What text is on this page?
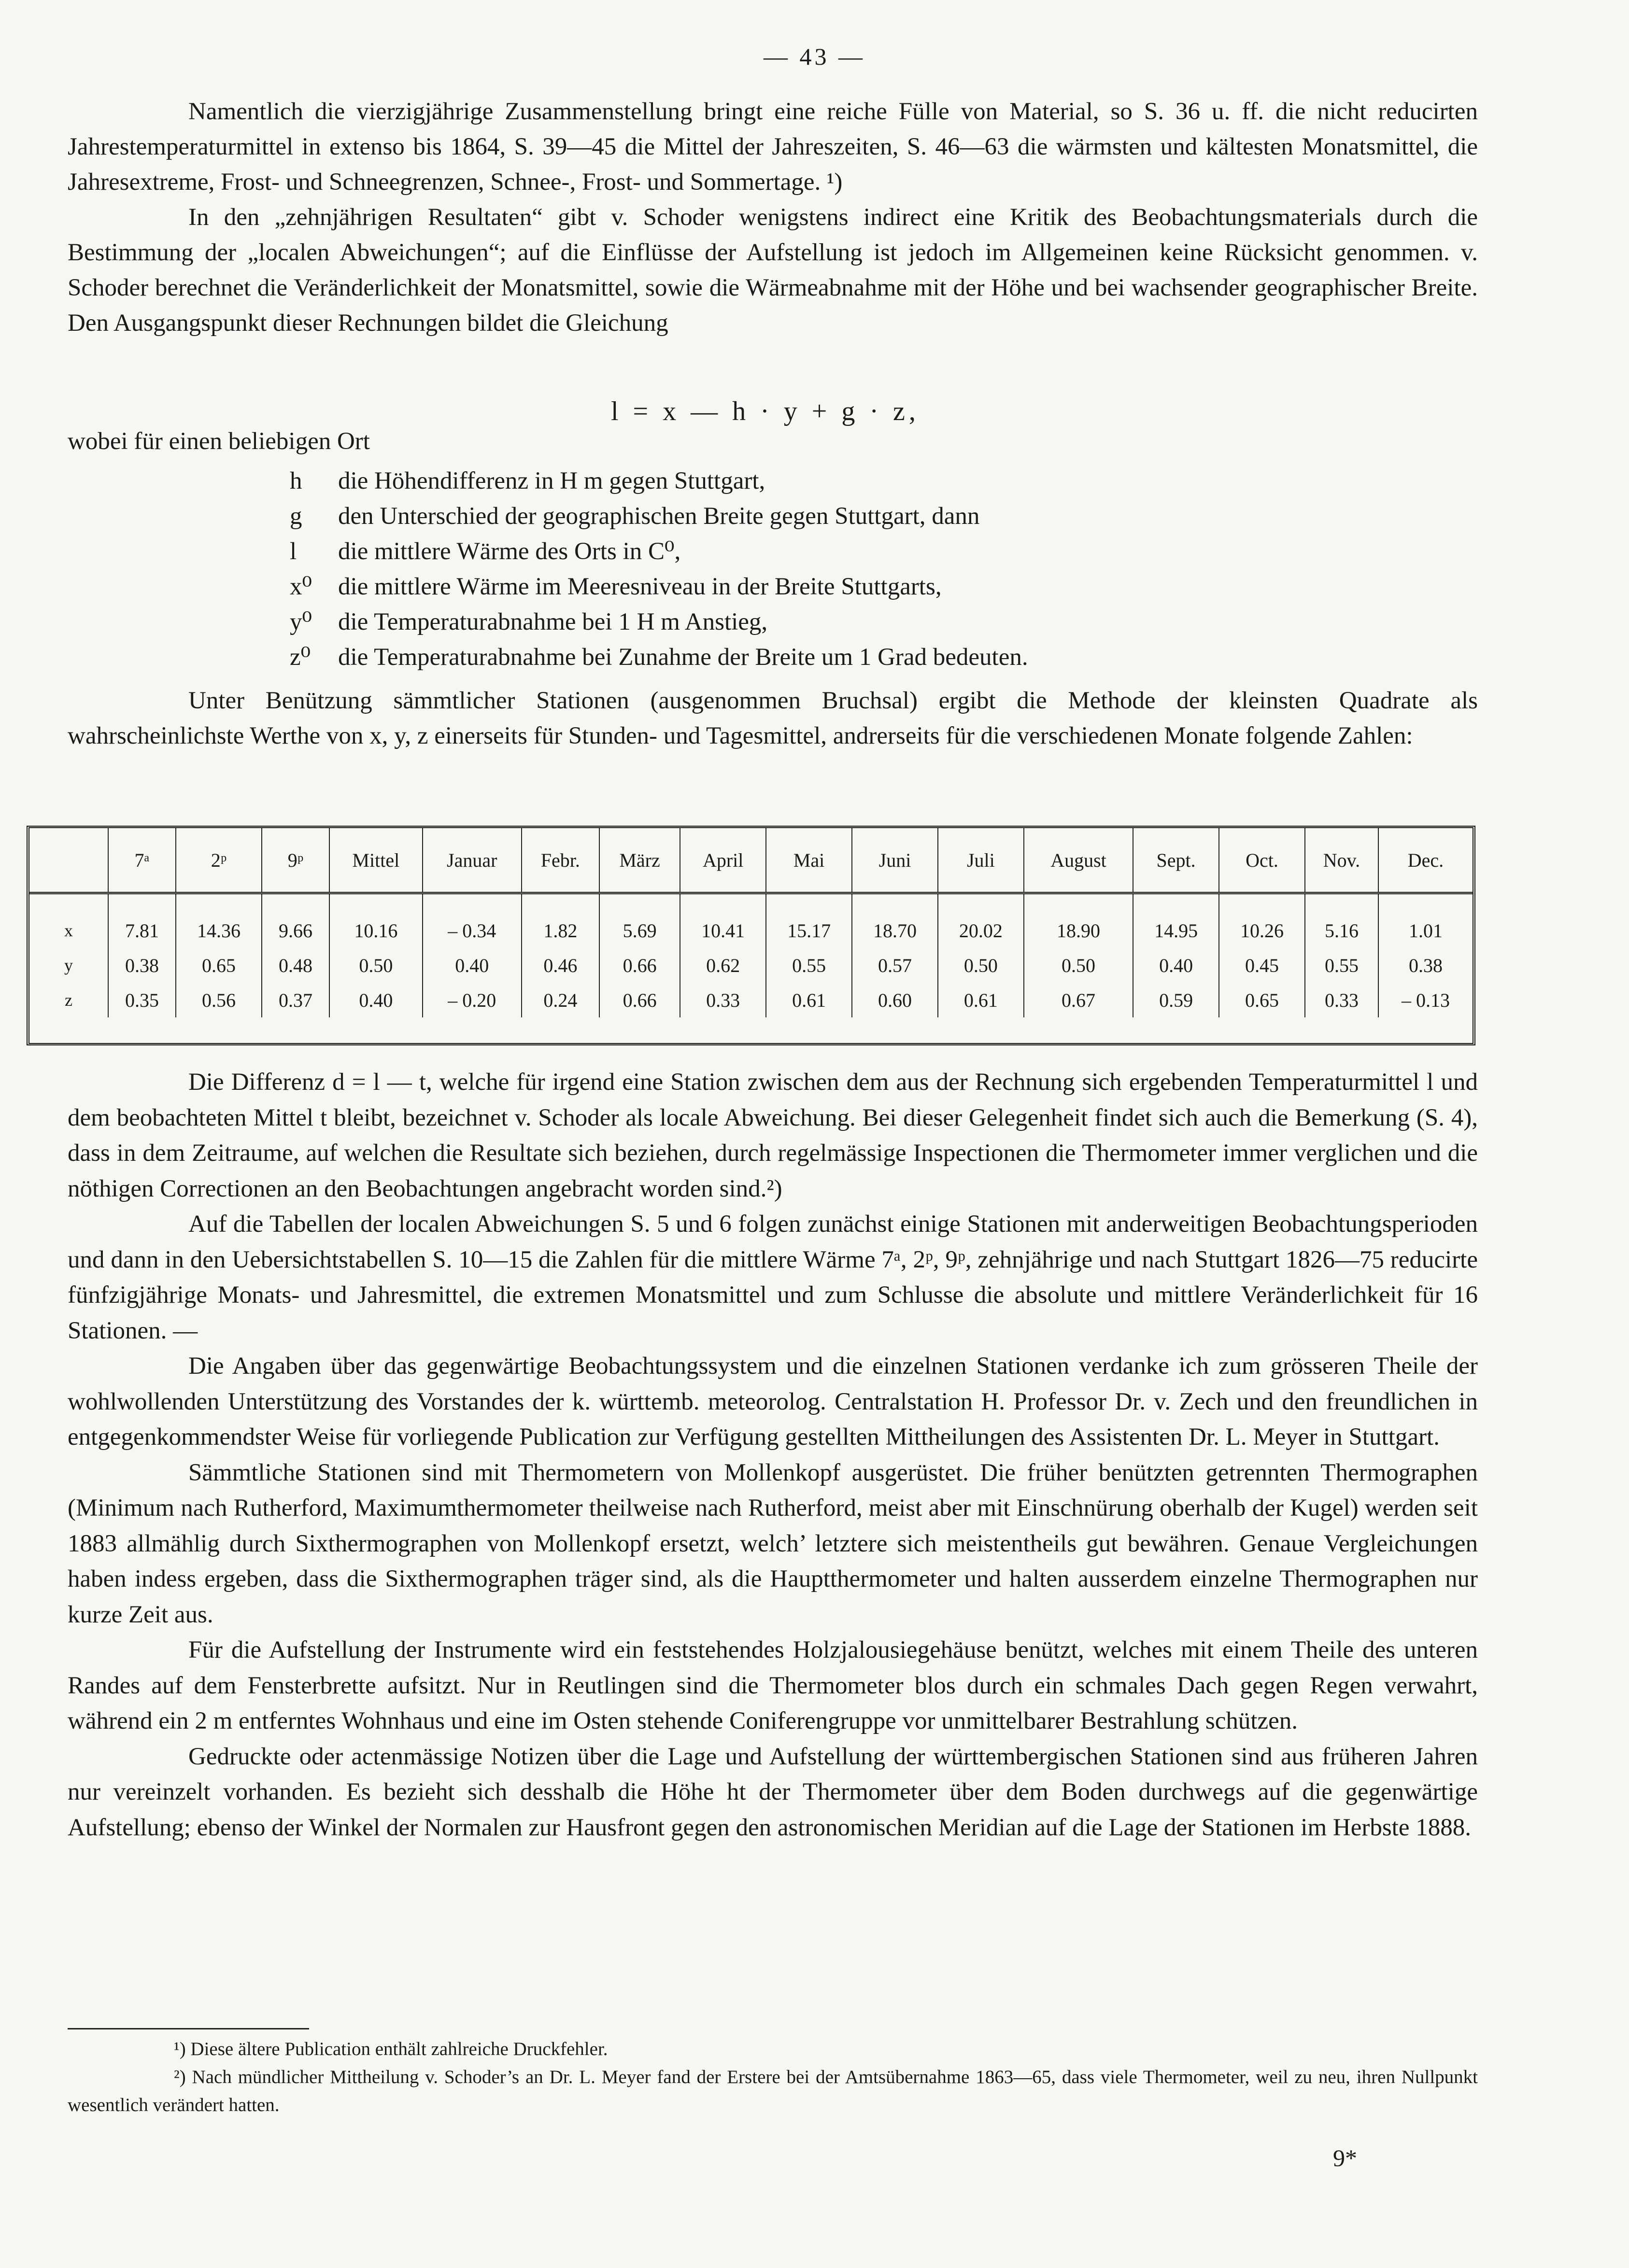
— 43 —

Namentlich die vierzigjährige Zusammenstellung bringt eine reiche Fülle von Material, so S. 36 u. ff. die nicht reducirten Jahrestemperaturmittel in extenso bis 1864, S. 39—45 die Mittel der Jahreszeiten, S. 46—63 die wärmsten und kältesten Monatsmittel, die Jahresextreme, Frost- und Schneegrenzen, Schnee-, Frost- und Sommertage. ¹)

In den „zehnjährigen Resultaten“ gibt v. Schoder wenigstens indirect eine Kritik des Beobachtungsmaterials durch die Bestimmung der „localen Abweichungen“; auf die Einflüsse der Aufstellung ist jedoch im Allgemeinen keine Rücksicht genommen. v. Schoder berechnet die Veränderlichkeit der Monatsmittel, sowie die Wärmeabnahme mit der Höhe und bei wachsender geographischer Breite. Den Ausgangspunkt dieser Rechnungen bildet die Gleichung

l = x — h · y + g · z,
wobei für einen beliebigen Ort
h	die Höhendifferenz in H m gegen Stuttgart,
g	den Unterschied der geographischen Breite gegen Stuttgart, dann
l	die mittlere Wärme des Orts in C⁰,
x⁰	die mittlere Wärme im Meeresniveau in der Breite Stuttgarts,
y⁰	die Temperaturabnahme bei 1 H m Anstieg,
z⁰	die Temperaturabnahme bei Zunahme der Breite um 1 Grad bedeuten.

Unter Benützung sämmtlicher Stationen (ausgenommen Bruchsal) ergibt die Methode der kleinsten Quadrate als wahrscheinlichste Werthe von x, y, z einerseits für Stunden- und Tagesmittel, andrerseits für die verschiedenen Monate folgende Zahlen:

	7ᵃ	2ᵖ	9ᵖ	Mittel	Januar	Febr.	März	April	Mai	Juni	Juli	August	Sept.	Oct.	Nov.	Dec.
x	7.81	14.36	9.66	10.16	– 0.34	1.82	5.69	10.41	15.17	18.70	20.02	18.90	14.95	10.26	5.16	1.01
y	0.38	0.65	0.48	0.50	0.40	0.46	0.66	0.62	0.55	0.57	0.50	0.50	0.40	0.45	0.55	0.38
z	0.35	0.56	0.37	0.40	– 0.20	0.24	0.66	0.33	0.61	0.60	0.61	0.67	0.59	0.65	0.33	– 0.13

Die Differenz d = l — t, welche für irgend eine Station zwischen dem aus der Rechnung sich ergebenden Temperaturmittel l und dem beobachteten Mittel t bleibt, bezeichnet v. Schoder als locale Abweichung. Bei dieser Gelegenheit findet sich auch die Bemerkung (S. 4), dass in dem Zeitraume, auf welchen die Resultate sich beziehen, durch regelmässige Inspectionen die Thermometer immer verglichen und die nöthigen Correctionen an den Beobachtungen angebracht worden sind.²)

Auf die Tabellen der localen Abweichungen S. 5 und 6 folgen zunächst einige Stationen mit anderweitigen Beobachtungsperioden und dann in den Uebersichtstabellen S. 10—15 die Zahlen für die mittlere Wärme 7ᵃ, 2ᵖ, 9ᵖ, zehnjährige und nach Stuttgart 1826—75 reducirte fünfzigjährige Monats- und Jahresmittel, die extremen Monatsmittel und zum Schlusse die absolute und mittlere Veränderlichkeit für 16 Stationen. —

Die Angaben über das gegenwärtige Beobachtungssystem und die einzelnen Stationen verdanke ich zum grösseren Theile der wohlwollenden Unterstützung des Vorstandes der k. württemb. meteorolog. Centralstation H. Professor Dr. v. Zech und den freundlichen in entgegenkommendster Weise für vorliegende Publication zur Verfügung gestellten Mittheilungen des Assistenten Dr. L. Meyer in Stuttgart.

Sämmtliche Stationen sind mit Thermometern von Mollenkopf ausgerüstet. Die früher benützten getrennten Thermographen (Minimum nach Rutherford, Maximumthermometer theilweise nach Rutherford, meist aber mit Einschnürung oberhalb der Kugel) werden seit 1883 allmählig durch Sixthermographen von Mollenkopf ersetzt, welch’ letztere sich meistentheils gut bewähren. Genaue Vergleichungen haben indess ergeben, dass die Sixthermographen träger sind, als die Hauptthermometer und halten ausserdem einzelne Thermographen nur kurze Zeit aus.

Für die Aufstellung der Instrumente wird ein feststehendes Holzjalousiegehäuse benützt, welches mit einem Theile des unteren Randes auf dem Fensterbrette aufsitzt. Nur in Reutlingen sind die Thermometer blos durch ein schmales Dach gegen Regen verwahrt, während ein 2 m entferntes Wohnhaus und eine im Osten stehende Coniferengruppe vor unmittelbarer Bestrahlung schützen.

Gedruckte oder actenmässige Notizen über die Lage und Aufstellung der württembergischen Stationen sind aus früheren Jahren nur vereinzelt vorhanden. Es bezieht sich desshalb die Höhe ht der Thermometer über dem Boden durchwegs auf die gegenwärtige Aufstellung; ebenso der Winkel der Normalen zur Hausfront gegen den astronomischen Meridian auf die Lage der Stationen im Herbste 1888.

¹) Diese ältere Publication enthält zahlreiche Druckfehler.

²) Nach mündlicher Mittheilung v. Schoder’s an Dr. L. Meyer fand der Erstere bei der Amtsübernahme 1863—65, dass viele Thermometer, weil zu neu, ihren Nullpunkt wesentlich verändert hatten.

9*
